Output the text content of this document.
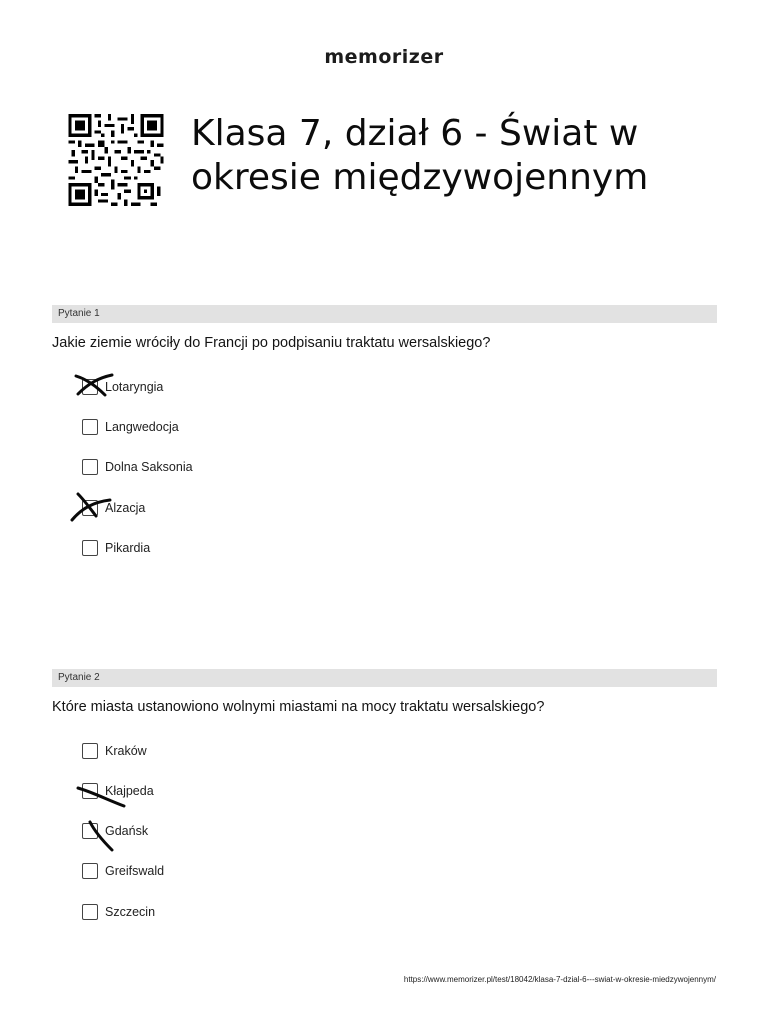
memorizer
Klasa 7, dział 6 - Świat w okresie międzywojennym
Pytanie 1
Jakie ziemie wróciły do Francji po podpisaniu traktatu wersalskiego?
Lotaryngia
Langwedocja
Dolna Saksonia
Alzacja
Pikardia
Pytanie 2
Które miasta ustanowiono wolnymi miastami na mocy traktatu wersalskiego?
Kraków
Kłajpeda
Gdańsk
Greifswald
Szczecin
https://www.memorizer.pl/test/18042/klasa-7-dzial-6---swiat-w-okresie-miedzywojennym/
